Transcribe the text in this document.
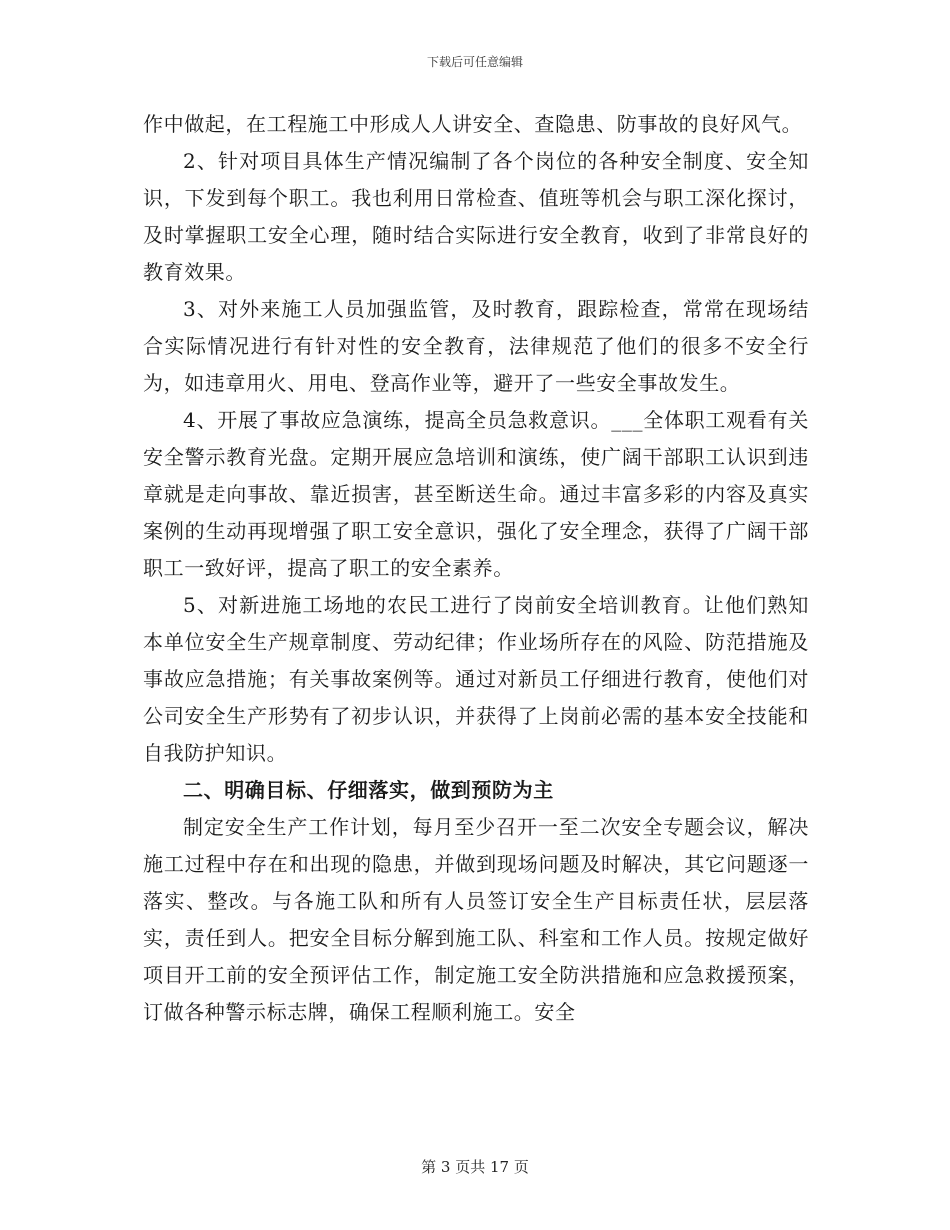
下载后可任意编辑

作中做起，在工程施工中形成人人讲安全、查隐患、防事故的良好风气。

2、针对项目具体生产情况编制了各个岗位的各种安全制度、安全知识，下发到每个职工。我也利用日常检查、值班等机会与职工深化探讨，及时掌握职工安全心理，随时结合实际进行安全教育，收到了非常良好的教育效果。

3、对外来施工人员加强监管，及时教育，跟踪检查，常常在现场结合实际情况进行有针对性的安全教育，法律规范了他们的很多不安全行为，如违章用火、用电、登高作业等，避开了一些安全事故发生。

4、开展了事故应急演练，提高全员急救意识。___全体职工观看有关安全警示教育光盘。定期开展应急培训和演练，使广阔干部职工认识到违章就是走向事故、靠近损害，甚至断送生命。通过丰富多彩的内容及真实案例的生动再现增强了职工安全意识，强化了安全理念，获得了广阔干部职工一致好评，提高了职工的安全素养。

5、对新进施工场地的农民工进行了岗前安全培训教育。让他们熟知本单位安全生产规章制度、劳动纪律；作业场所存在的风险、防范措施及事故应急措施；有关事故案例等。通过对新员工仔细进行教育，使他们对公司安全生产形势有了初步认识，并获得了上岗前必需的基本安全技能和自我防护知识。

二、明确目标、仔细落实，做到预防为主

制定安全生产工作计划，每月至少召开一至二次安全专题会议，解决施工过程中存在和出现的隐患，并做到现场问题及时解决，其它问题逐一落实、整改。与各施工队和所有人员签订安全生产目标责任状，层层落实，责任到人。把安全目标分解到施工队、科室和工作人员。按规定做好项目开工前的安全预评估工作，制定施工安全防洪措施和应急救援预案，订做各种警示标志牌，确保工程顺利施工。安全

第 3 页共 17 页
